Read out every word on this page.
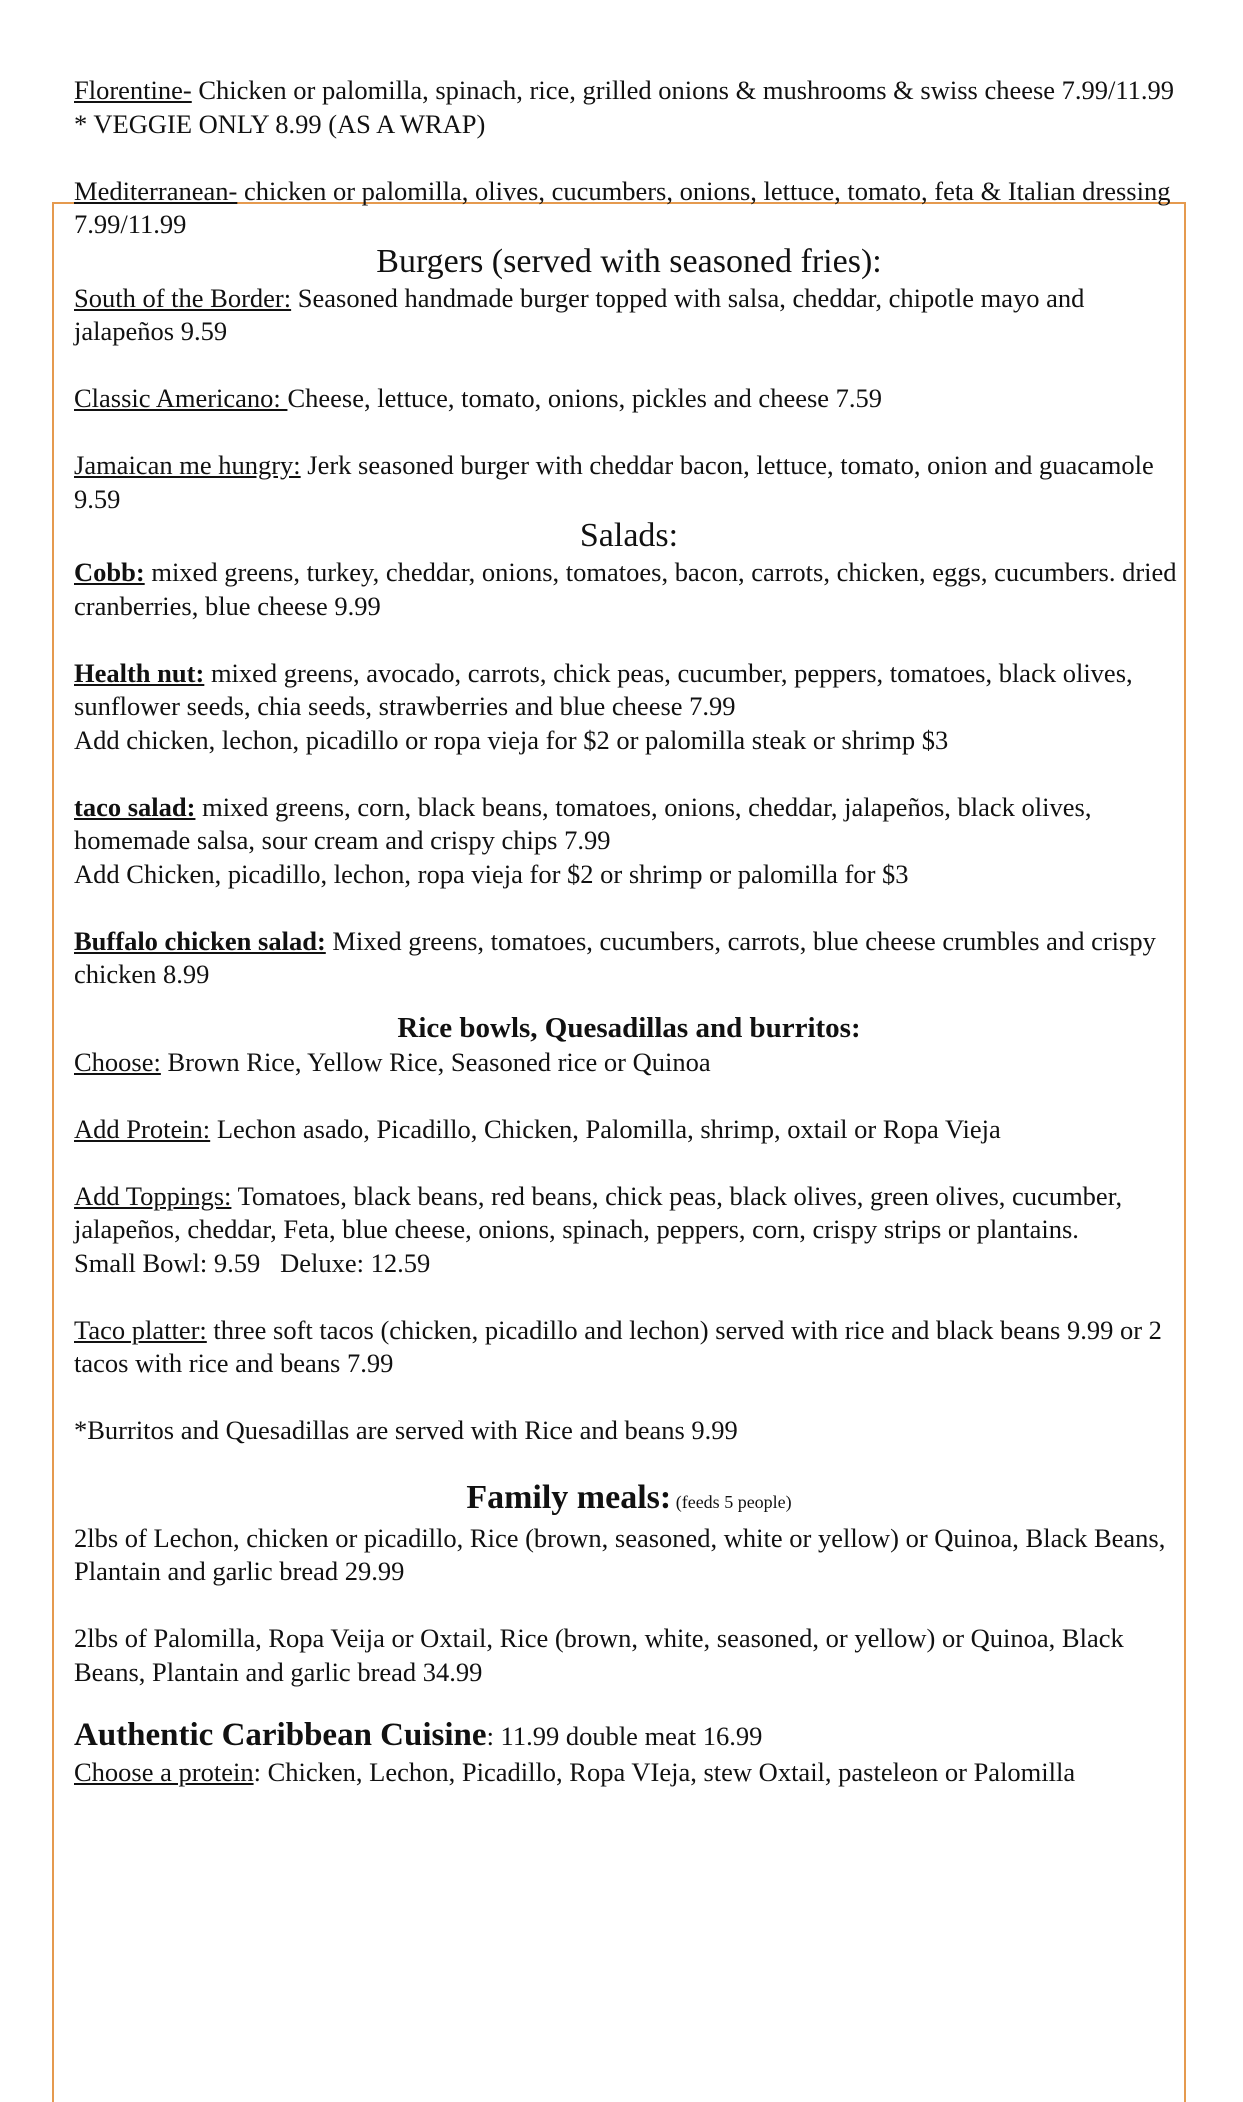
Florentine- Chicken or palomilla, spinach, rice, grilled onions & mushrooms & swiss cheese 7.99/11.99 * VEGGIE ONLY 8.99 (AS A WRAP)

Mediterranean- chicken or palomilla, olives, cucumbers, onions, lettuce, tomato, feta & Italian dressing 7.99/11.99

Burgers (served with seasoned fries):

South of the Border: Seasoned handmade burger topped with salsa, cheddar, chipotle mayo and jalapeños 9.59

Classic Americano: Cheese, lettuce, tomato, onions, pickles and cheese 7.59

Jamaican me hungry: Jerk seasoned burger with cheddar bacon, lettuce, tomato, onion and guacamole 9.59

Salads:

Cobb: mixed greens, turkey, cheddar, onions, tomatoes, bacon, carrots, chicken, eggs, cucumbers. dried cranberries, blue cheese 9.99

Health nut: mixed greens, avocado, carrots, chick peas, cucumber, peppers, tomatoes, black olives, sunflower seeds, chia seeds, strawberries and blue cheese 7.99

Add chicken, lechon, picadillo or ropa vieja for $2 or palomilla steak or shrimp $3

taco salad: mixed greens, corn, black beans, tomatoes, onions, cheddar, jalapeños, black olives, homemade salsa, sour cream and crispy chips 7.99

Add Chicken, picadillo, lechon, ropa vieja for $2 or shrimp or palomilla for $3

Buffalo chicken salad: Mixed greens, tomatoes, cucumbers, carrots, blue cheese crumbles and crispy chicken 8.99

Rice bowls, Quesadillas and burritos:

Choose: Brown Rice, Yellow Rice, Seasoned rice or Quinoa

Add Protein: Lechon asado, Picadillo, Chicken, Palomilla, shrimp, oxtail or Ropa Vieja

Add Toppings: Tomatoes, black beans, red beans, chick peas, black olives, green olives, cucumber, jalapeños, cheddar, Feta, blue cheese, onions, spinach, peppers, corn, crispy strips or plantains.

Small Bowl: 9.59   Deluxe: 12.59

Taco platter: three soft tacos (chicken, picadillo and lechon) served with rice and black beans 9.99 or 2 tacos with rice and beans 7.99

*Burritos and Quesadillas are served with Rice and beans 9.99

Family meals: (feeds 5 people)

2lbs of Lechon, chicken or picadillo, Rice (brown, seasoned, white or yellow) or Quinoa, Black Beans, Plantain and garlic bread 29.99

2lbs of Palomilla, Ropa Veija or Oxtail, Rice (brown, white, seasoned, or yellow) or Quinoa, Black Beans, Plantain and garlic bread 34.99

Authentic Caribbean Cuisine: 11.99 double meat 16.99

Choose a protein: Chicken, Lechon, Picadillo, Ropa VIeja, stew Oxtail, pasteleon or Palomilla
